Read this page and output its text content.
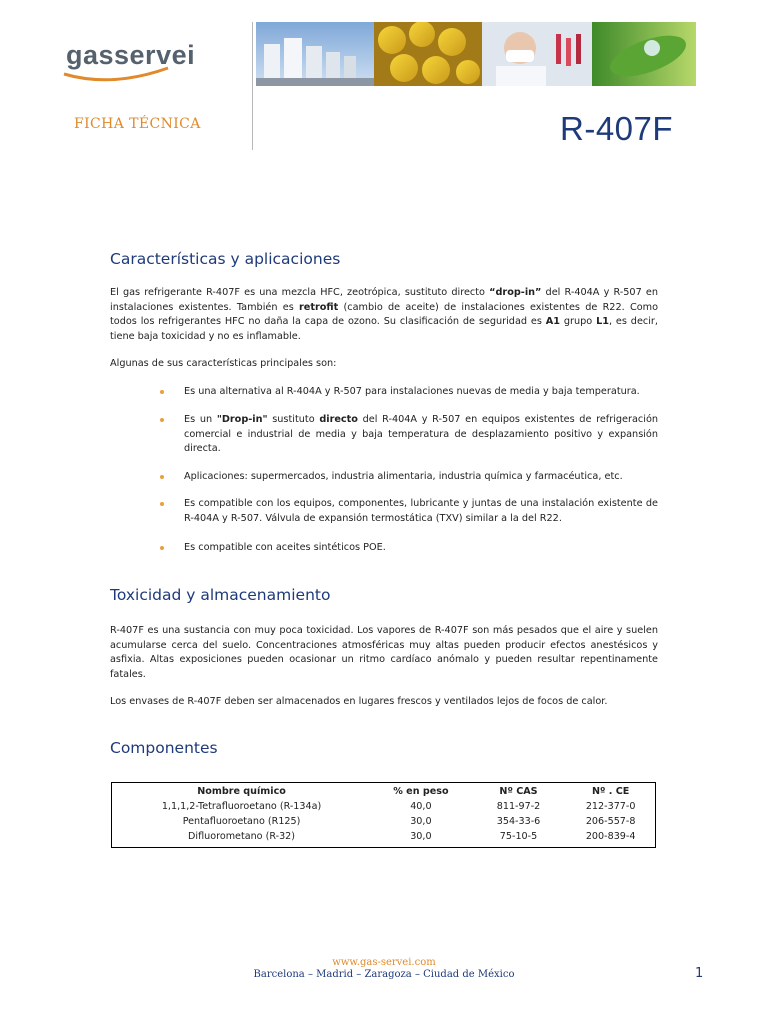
gasservei
FICHA TÉCNICA	R-407F
Características y aplicaciones

El gas refrigerante R-407F es una mezcla HFC, zeotrópica, sustituto directo “drop-in” del R-404A y R-507 en instalaciones existentes. También es retrofit (cambio de aceite) de instalaciones existentes de R22. Como todos los refrigerantes HFC no daña la capa de ozono. Su clasificación de seguridad es A1 grupo L1, es decir, tiene baja toxicidad y no es inflamable.

Algunas de sus características principales son:

Es una alternativa al R-404A y R-507 para instalaciones nuevas de media y baja temperatura.
Es un "Drop-in" sustituto directo del R-404A y R-507 en equipos existentes de refrigeración comercial e industrial de media y baja temperatura de desplazamiento positivo y expansión directa.
Aplicaciones: supermercados, industria alimentaria, industria química y farmacéutica, etc.
Es compatible con los equipos, componentes, lubricante y juntas de una instalación existente de R-404A y R-507. Válvula de expansión termostática (TXV) similar a la del R22.
Es compatible con aceites sintéticos POE.
Toxicidad y almacenamiento

R-407F es una sustancia con muy poca toxicidad. Los vapores de R-407F son más pesados que el aire y suelen acumularse cerca del suelo. Concentraciones atmosféricas muy altas pueden producir efectos anestésicos y asfixia. Altas exposiciones pueden ocasionar un ritmo cardíaco anómalo y pueden resultar repentinamente fatales.

Los envases de R-407F deben ser almacenados en lugares frescos y ventilados lejos de focos de calor.

Componentes
Nombre químico	% en peso	Nº CAS	Nº . CE
1,1,1,2-Tetrafluoroetano (R-134a)	40,0	811-97-2	212-377-0
Pentafluoroetano (R125)	30,0	354-33-6	206-557-8
Difluorometano (R-32)	30,0	75-10-5	200-839-4
www.gas-servei.com
Barcelona – Madrid – Zaragoza – Ciudad de México	1
